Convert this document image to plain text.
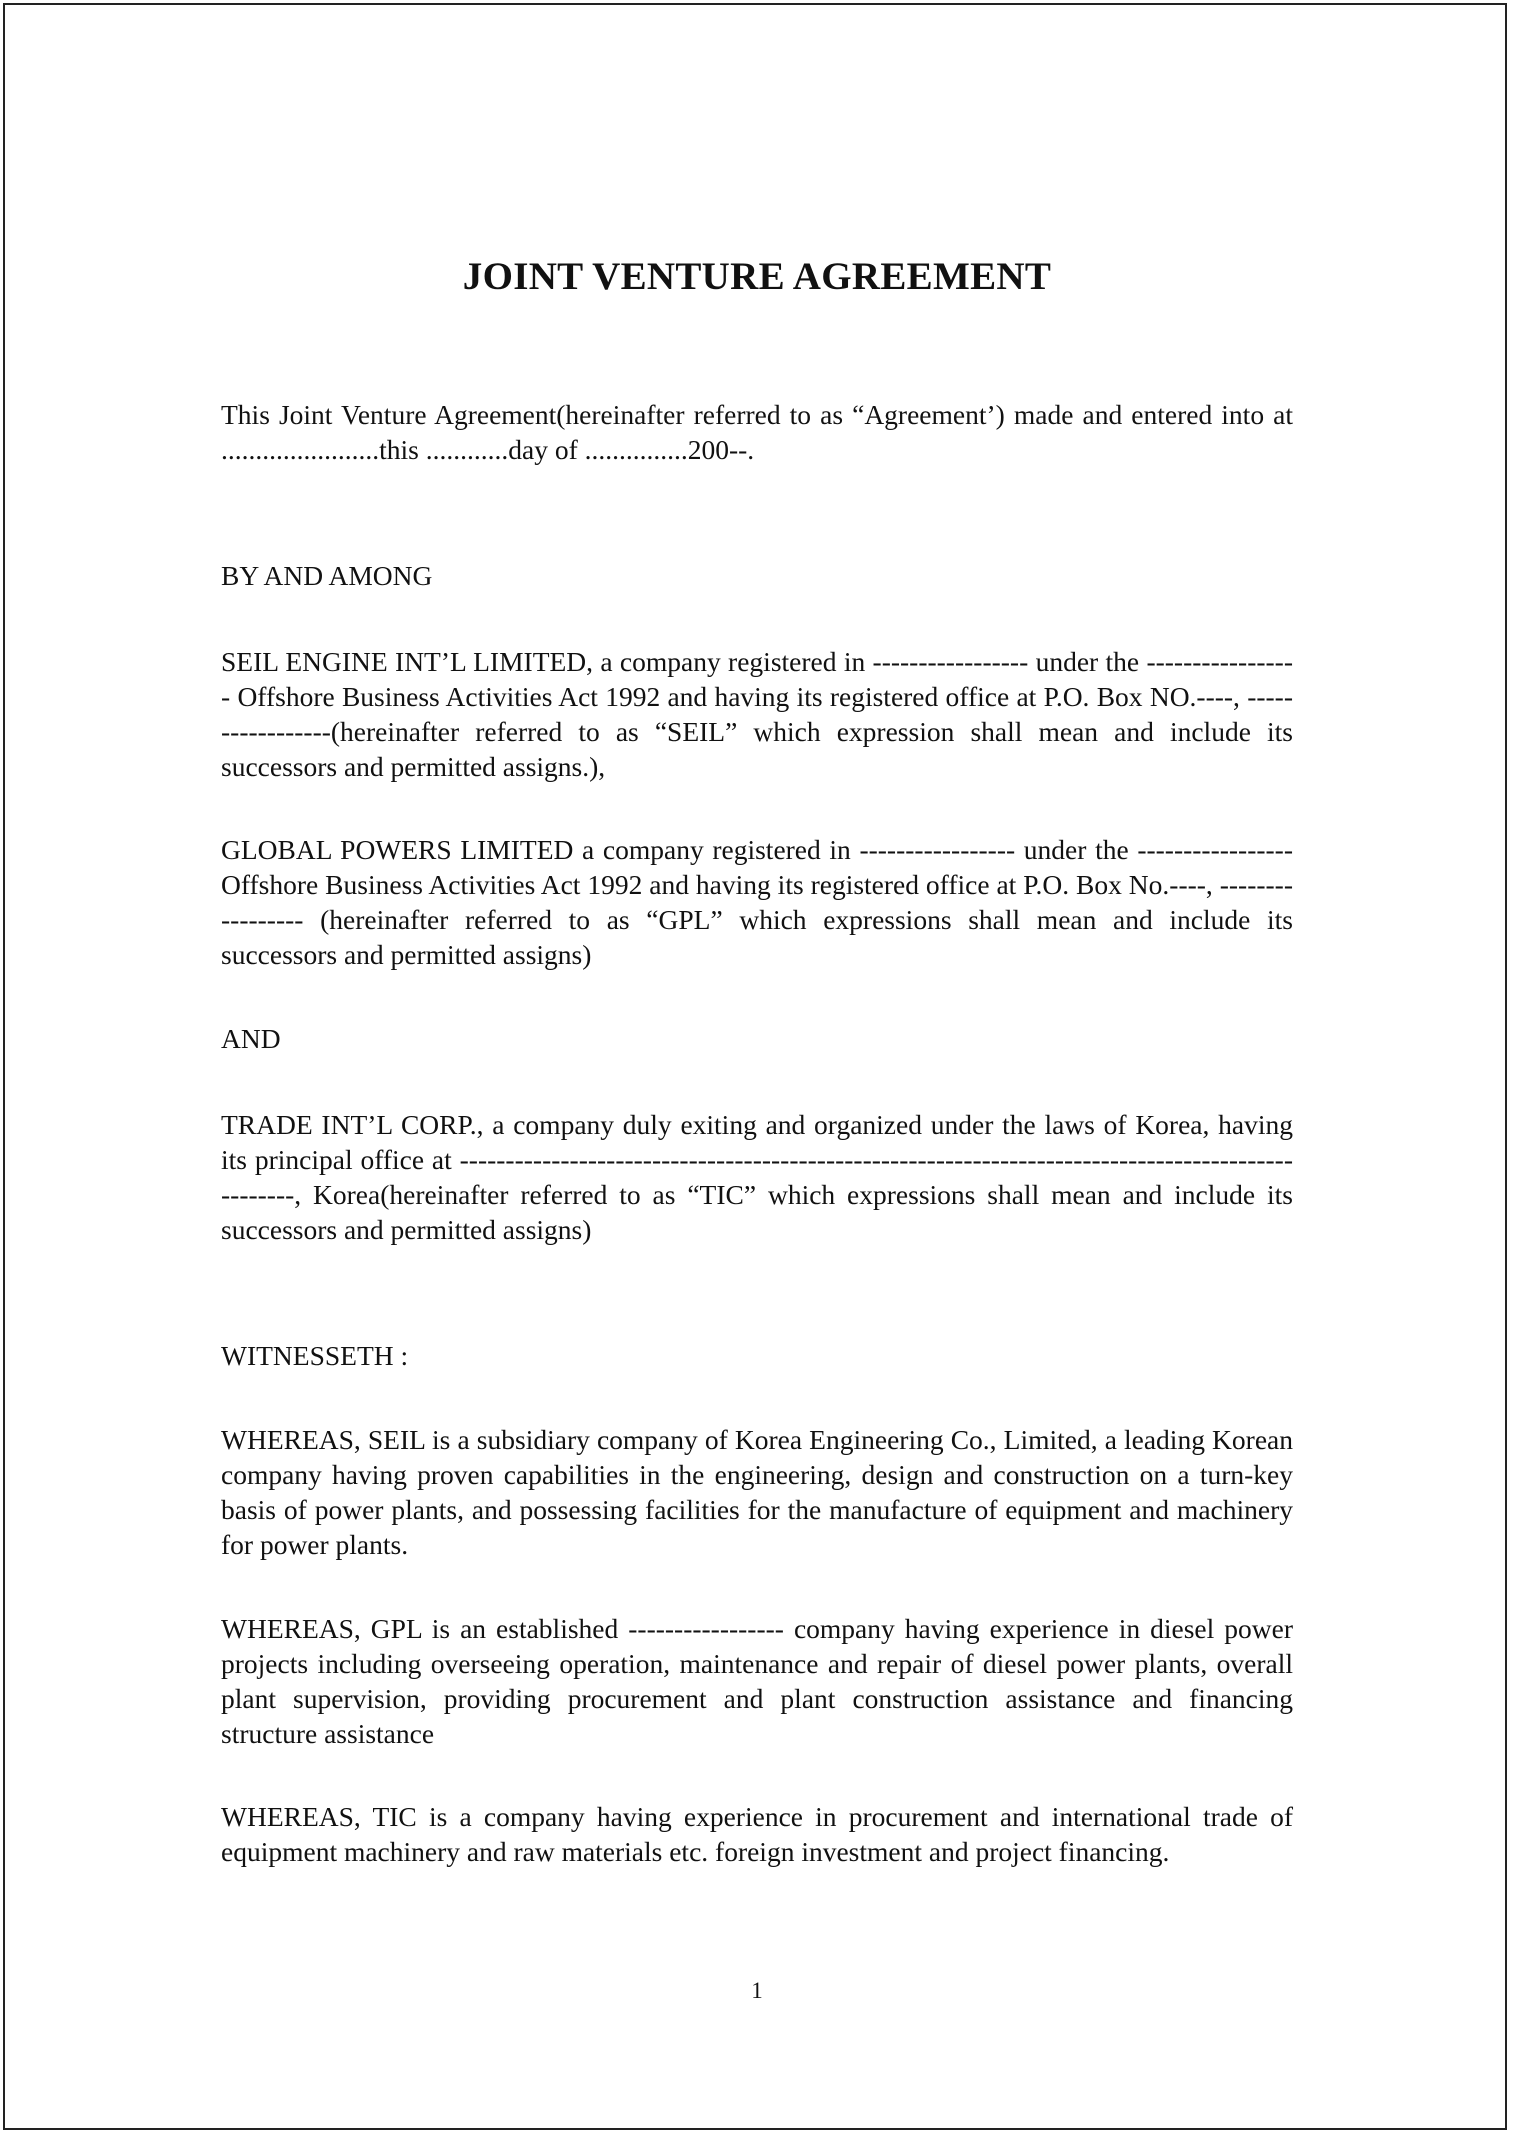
JOINT VENTURE AGREEMENT

This Joint Venture Agreement(hereinafter referred to as “Agreement’) made and entered into at .......................this ............day of ...............200--.

BY AND AMONG

SEIL ENGINE INT’L LIMITED, a company registered in ----------------- under the ----------------- Offshore Business Activities Act 1992 and having its registered office at P.O. Box NO.----, -----------------(hereinafter referred to as “SEIL” which expression shall mean and include its successors and permitted assigns.),

GLOBAL POWERS LIMITED a company registered in ----------------- under the ----------------- Offshore Business Activities Act 1992 and having its registered office at P.O. Box No.----, ----------------- (hereinafter referred to as “GPL” which expressions shall mean and include its successors and permitted assigns)

AND

TRADE INT’L CORP., a company duly exiting and organized under the laws of Korea, having its principal office at ---------------------------------------------------------------------------------------------------, Korea(hereinafter referred to as “TIC” which expressions shall mean and include its successors and permitted assigns)

WITNESSETH :

WHEREAS, SEIL is a subsidiary company of Korea Engineering Co., Limited, a leading Korean company having proven capabilities in the engineering, design and construction on a turn-key basis of power plants, and possessing facilities for the manufacture of equipment and machinery for power plants.

WHEREAS, GPL is an established ----------------- company having experience in diesel power projects including overseeing operation, maintenance and repair of diesel power plants, overall plant supervision, providing procurement and plant construction assistance and financing structure assistance

WHEREAS, TIC is a company having experience in procurement and international trade of equipment machinery and raw materials etc. foreign investment and project financing.

1
